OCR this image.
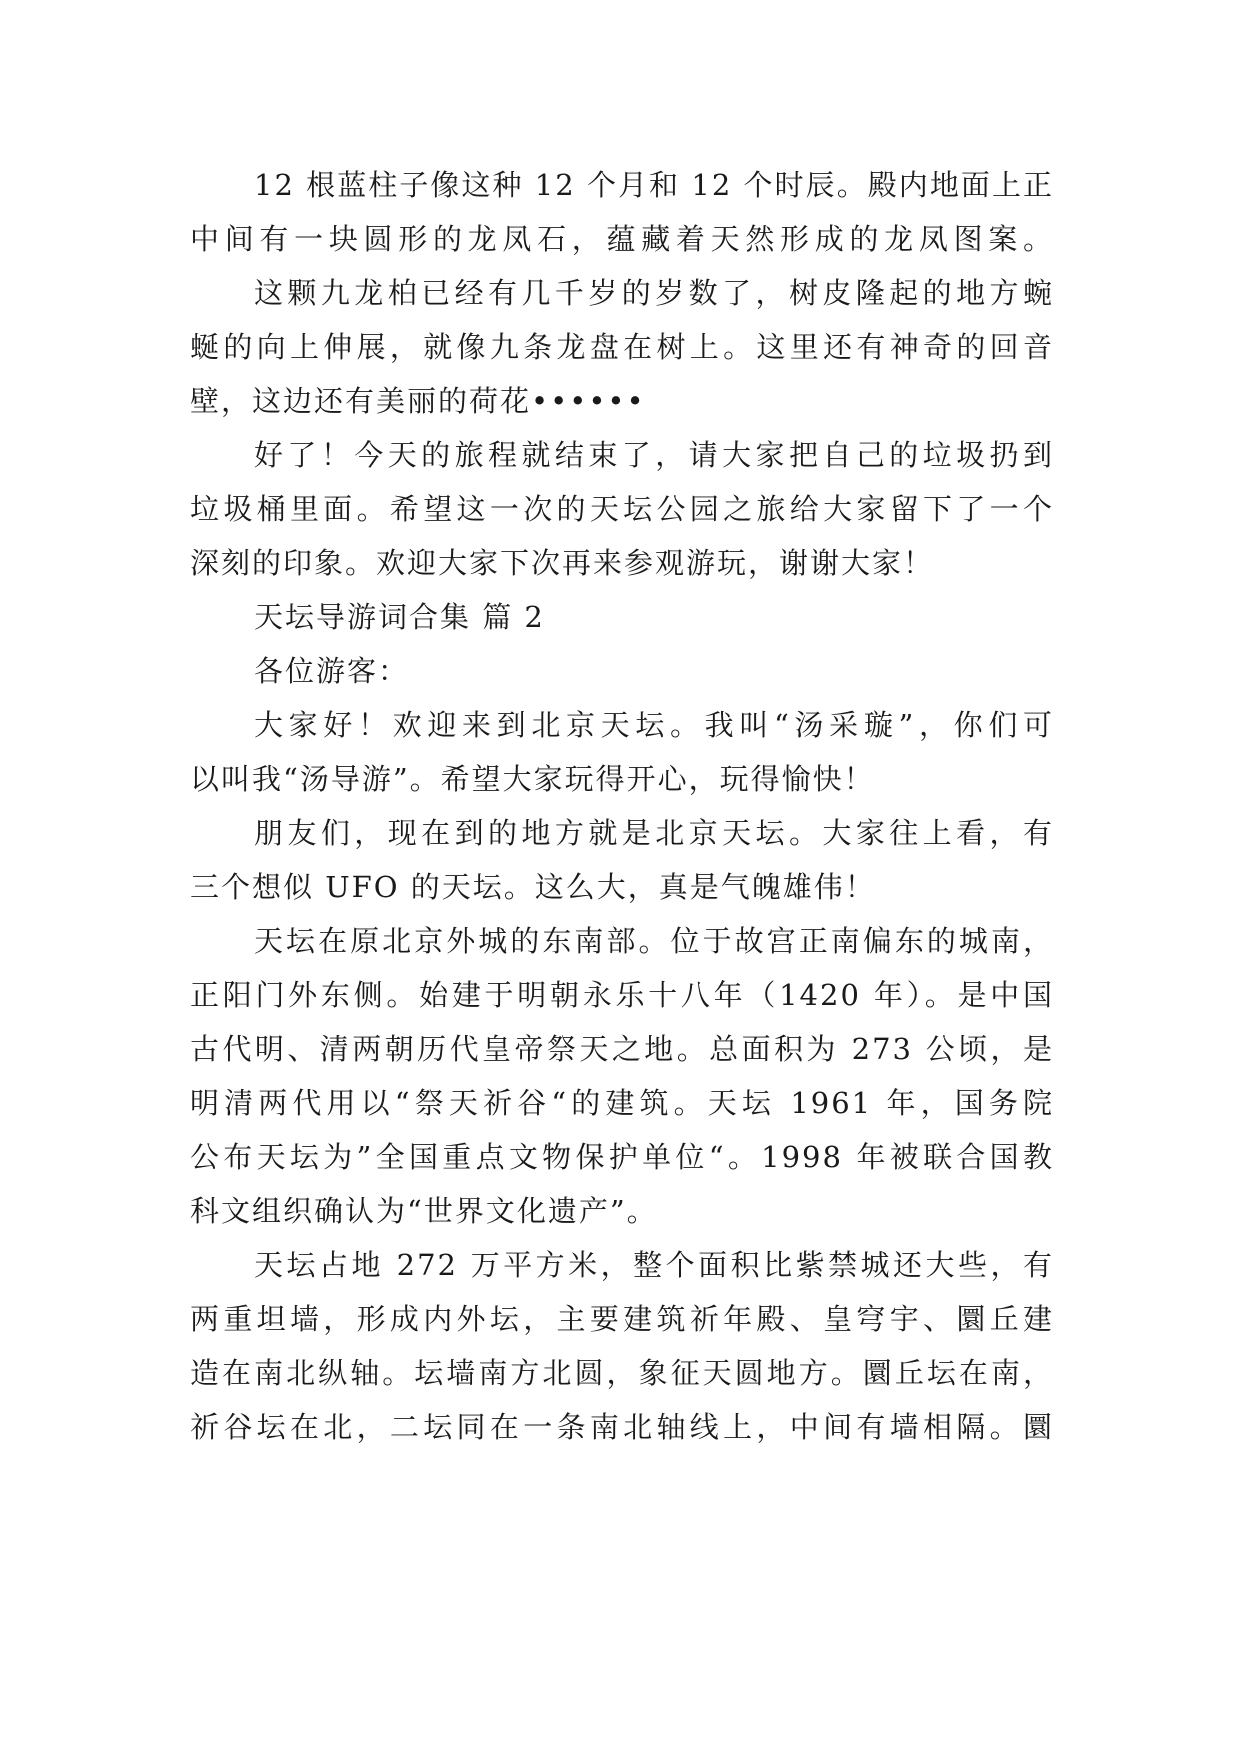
12 根蓝柱子像这种 12 个月和 12 个时辰。殿内地面上正
中间有一块圆形的龙凤石，蕴藏着天然形成的龙凤图案。
这颗九龙柏已经有几千岁的岁数了，树皮隆起的地方蜿
蜒的向上伸展，就像九条龙盘在树上。这里还有神奇的回音
壁，这边还有美丽的荷花••••••
好了！今天的旅程就结束了，请大家把自己的垃圾扔到
垃圾桶里面。希望这一次的天坛公园之旅给大家留下了一个
深刻的印象。欢迎大家下次再来参观游玩，谢谢大家！
天坛导游词合集 篇 2
各位游客：
大家好！欢迎来到北京天坛。我叫“汤采璇”，你们可
以叫我“汤导游”。希望大家玩得开心，玩得愉快！
朋友们，现在到的地方就是北京天坛。大家往上看，有
三个想似 UFO 的天坛。这么大，真是气魄雄伟！
天坛在原北京外城的东南部。位于故宫正南偏东的城南，
正阳门外东侧。始建于明朝永乐十八年（1420 年）。是中国
古代明、清两朝历代皇帝祭天之地。总面积为 273 公顷，是
明清两代用以“祭天祈谷“的建筑。天坛 1961 年，国务院
公布天坛为”全国重点文物保护单位“。1998 年被联合国教
科文组织确认为“世界文化遗产”。
天坛占地 272 万平方米，整个面积比紫禁城还大些，有
两重坦墙，形成内外坛，主要建筑祈年殿、皇穹宇、圜丘建
造在南北纵轴。坛墙南方北圆，象征天圆地方。圜丘坛在南，
祈谷坛在北，二坛同在一条南北轴线上，中间有墙相隔。圜
